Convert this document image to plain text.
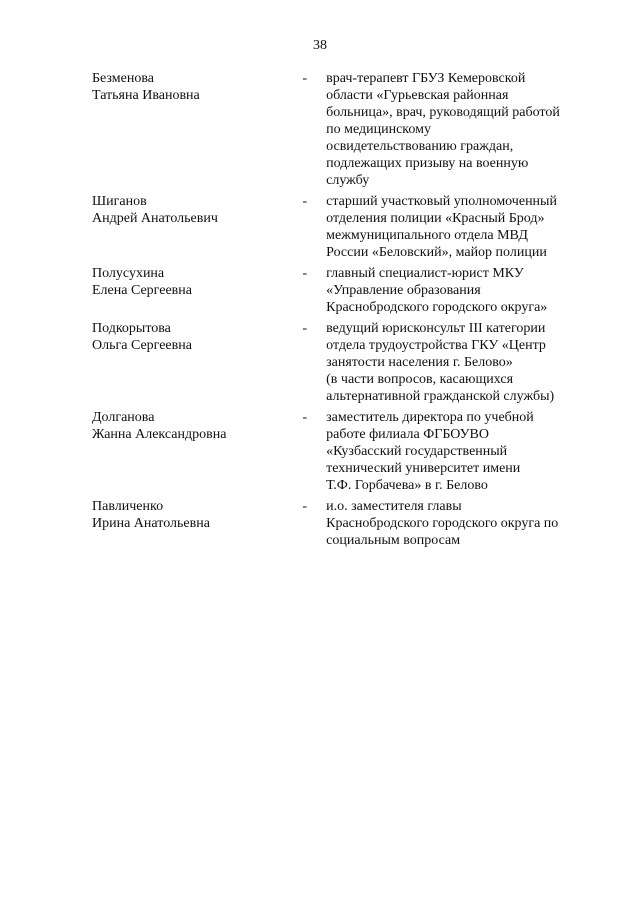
38
Безменова
Татьяна Ивановна
-	врач-терапевт ГБУЗ Кемеровской
области «Гурьевская районная
больница», врач, руководящий работой
по медицинскому
освидетельствованию граждан,
подлежащих призыву на военную
службу
Шиганов
Андрей Анатольевич
-	старший участковый уполномоченный
отделения полиции «Красный Брод»
межмуниципального отдела МВД
России «Беловский», майор полиции
Полусухина
Елена Сергеевна
-	главный специалист-юрист МКУ
«Управление образования
Краснобродского городского округа»
Подкорытова
Ольга Сергеевна
-	ведущий юрисконсульт III категории
отдела трудоустройства ГКУ «Центр
занятости населения г. Белово»
(в части вопросов, касающихся
альтернативной гражданской службы)
Долганова
Жанна Александровна
-	заместитель директора по учебной
работе филиала ФГБОУВО
«Кузбасский государственный
технический университет имени
Т.Ф. Горбачева» в г. Белово
Павличенко
Ирина Анатольевна
-	и.о. заместителя главы
Краснобродского городского округа по
социальным вопросам
